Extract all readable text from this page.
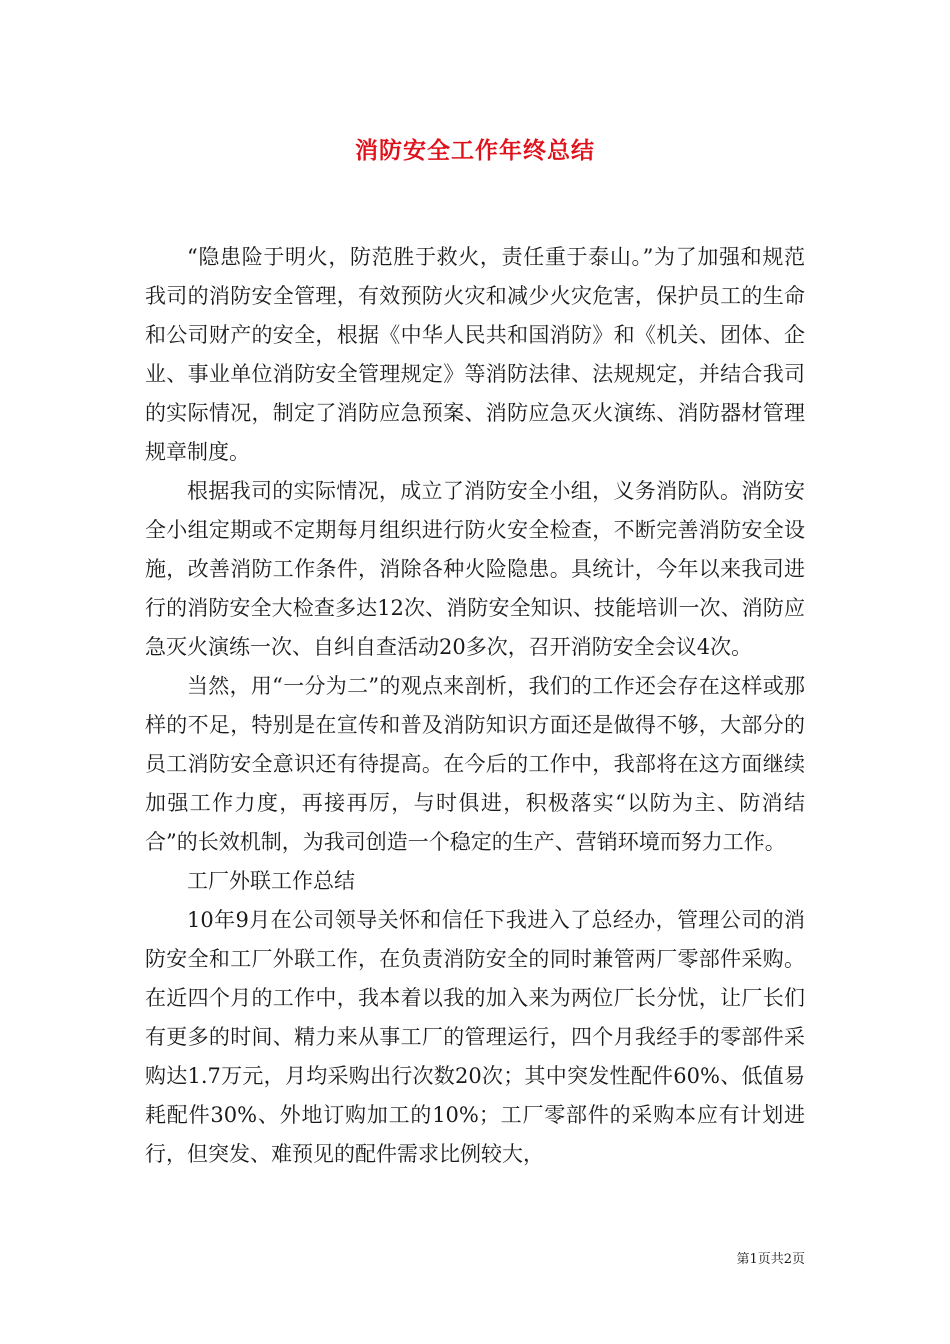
消防安全工作年终总结

“隐患险于明火，防范胜于救火，责任重于泰山。”为了加强和规范我司的消防安全管理，有效预防火灾和减少火灾危害，保护员工的生命和公司财产的安全，根据《中华人民共和国消防》和《机关、团体、企业、事业单位消防安全管理规定》等消防法律、法规规定，并结合我司的实际情况，制定了消防应急预案、消防应急灭火演练、消防器材管理规章制度。

根据我司的实际情况，成立了消防安全小组，义务消防队。消防安全小组定期或不定期每月组织进行防火安全检查，不断完善消防安全设施，改善消防工作条件，消除各种火险隐患。具统计，今年以来我司进行的消防安全大检查多达12次、消防安全知识、技能培训一次、消防应急灭火演练一次、自纠自查活动20多次，召开消防安全会议4次。

当然，用“一分为二”的观点来剖析，我们的工作还会存在这样或那样的不足，特别是在宣传和普及消防知识方面还是做得不够，大部分的员工消防安全意识还有待提高。在今后的工作中，我部将在这方面继续加强工作力度，再接再厉，与时俱进，积极落实“以防为主、防消结合”的长效机制，为我司创造一个稳定的生产、营销环境而努力工作。

工厂外联工作总结

10年9月在公司领导关怀和信任下我进入了总经办，管理公司的消防安全和工厂外联工作，在负责消防安全的同时兼管两厂零部件采购。在近四个月的工作中，我本着以我的加入来为两位厂长分忧，让厂长们有更多的时间、精力来从事工厂的管理运行，四个月我经手的零部件采购达1.7万元，月均采购出行次数20次；其中突发性配件60%、低值易耗配件30%、外地订购加工的10%；工厂零部件的采购本应有计划进行，但突发、难预见的配件需求比例较大，

第1页共2页
